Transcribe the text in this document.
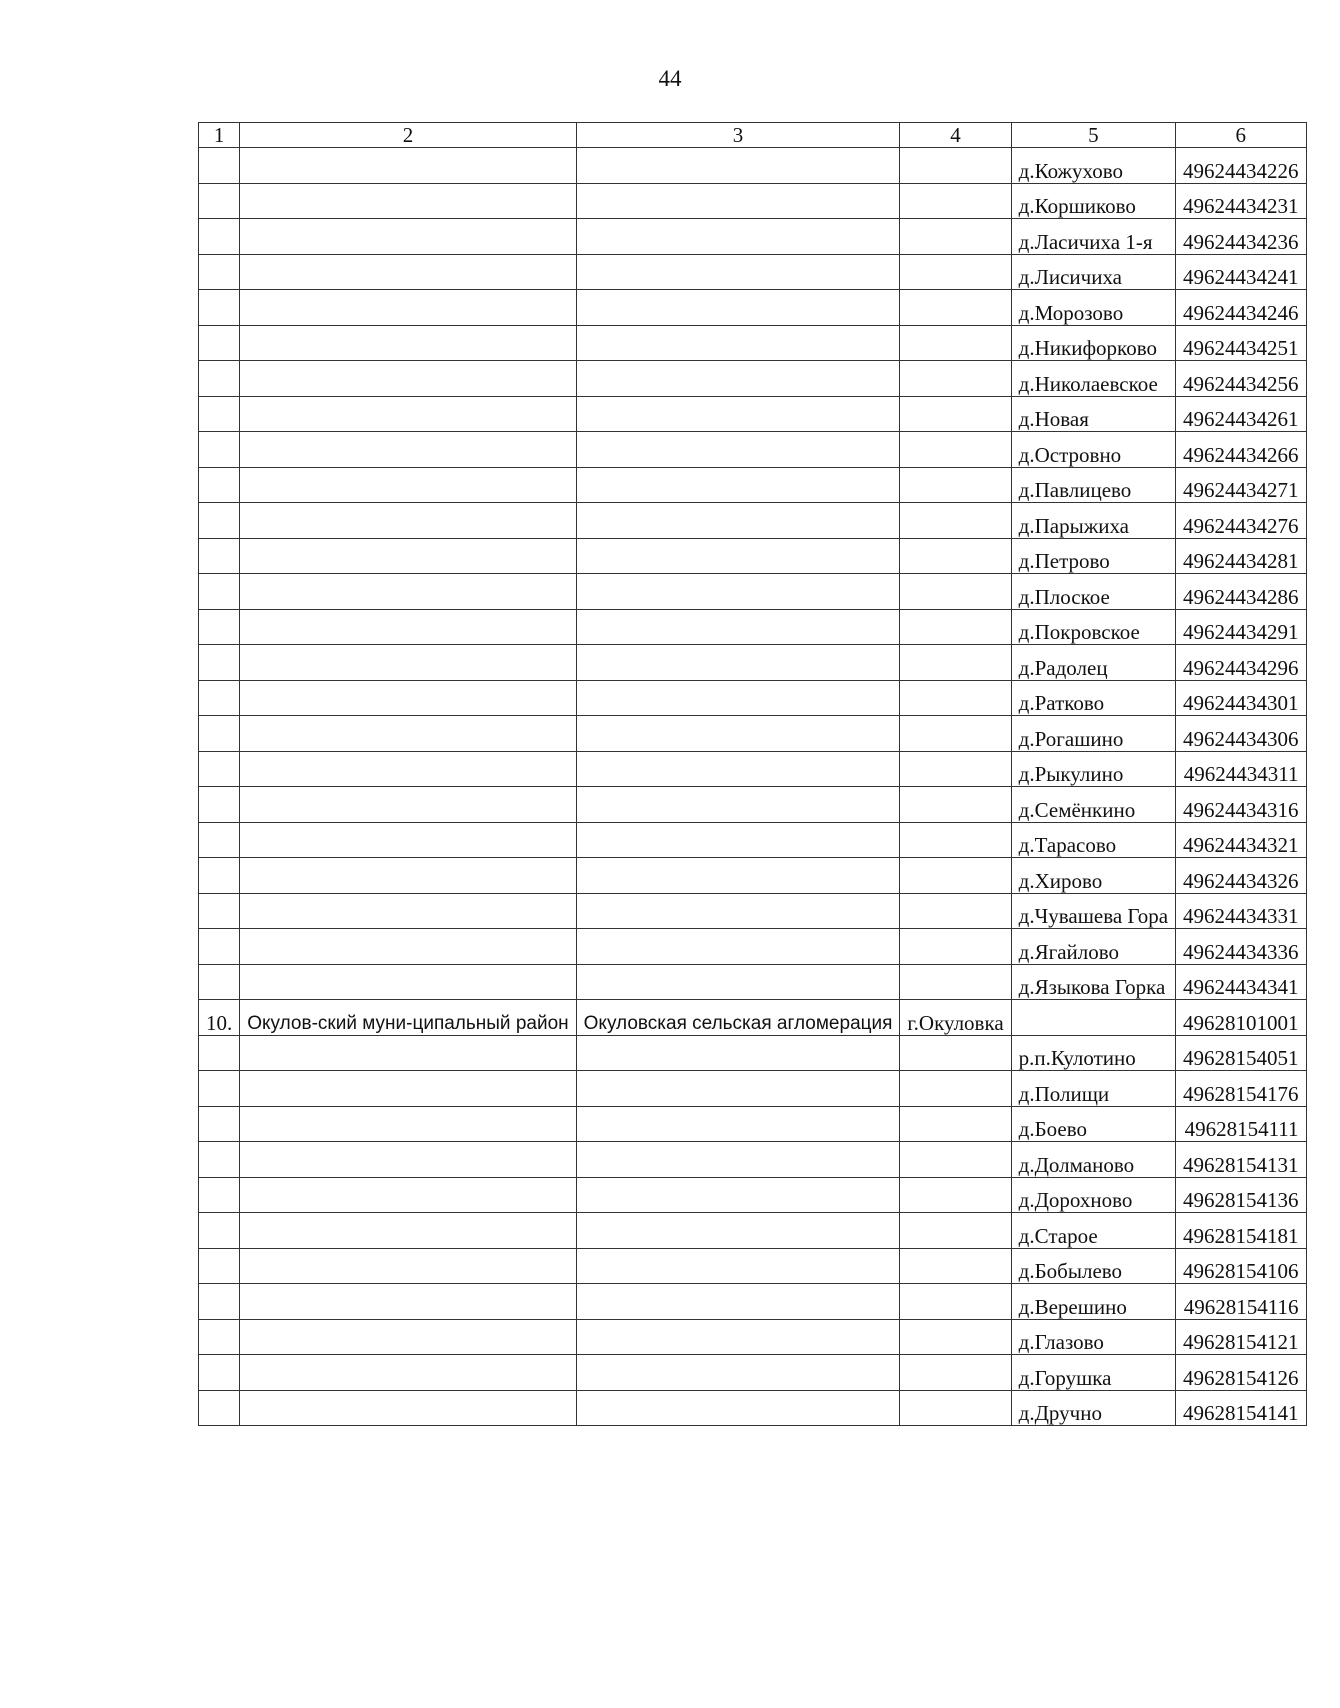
44
1	2	3	4	5	6
				д.Кожухово	49624434226
				д.Коршиково	49624434231
				д.Ласичиха 1-я	49624434236
				д.Лисичиха	49624434241
				д.Морозово	49624434246
				д.Никифорково	49624434251
				д.Николаевское	49624434256
				д.Новая	49624434261
				д.Островно	49624434266
				д.Павлицево	49624434271
				д.Парыжиха	49624434276
				д.Петрово	49624434281
				д.Плоское	49624434286
				д.Покровское	49624434291
				д.Радолец	49624434296
				д.Ратково	49624434301
				д.Рогашино	49624434306
				д.Рыкулино	49624434311
				д.Семёнкино	49624434316
				д.Тарасово	49624434321
				д.Хирово	49624434326
				д.Чувашева Гора	49624434331
				д.Ягайлово	49624434336
				д.Языкова Горка	49624434341
10.	Окулов-ский муни-ципальный район	Окуловская сельская агломерация	г.Окуловка		49628101001
				р.п.Кулотино	49628154051
				д.Полищи	49628154176
				д.Боево	49628154111
				д.Долманово	49628154131
				д.Дорохново	49628154136
				д.Старое	49628154181
				д.Бобылево	49628154106
				д.Верешино	49628154116
				д.Глазово	49628154121
				д.Горушка	49628154126
				д.Дручно	49628154141
